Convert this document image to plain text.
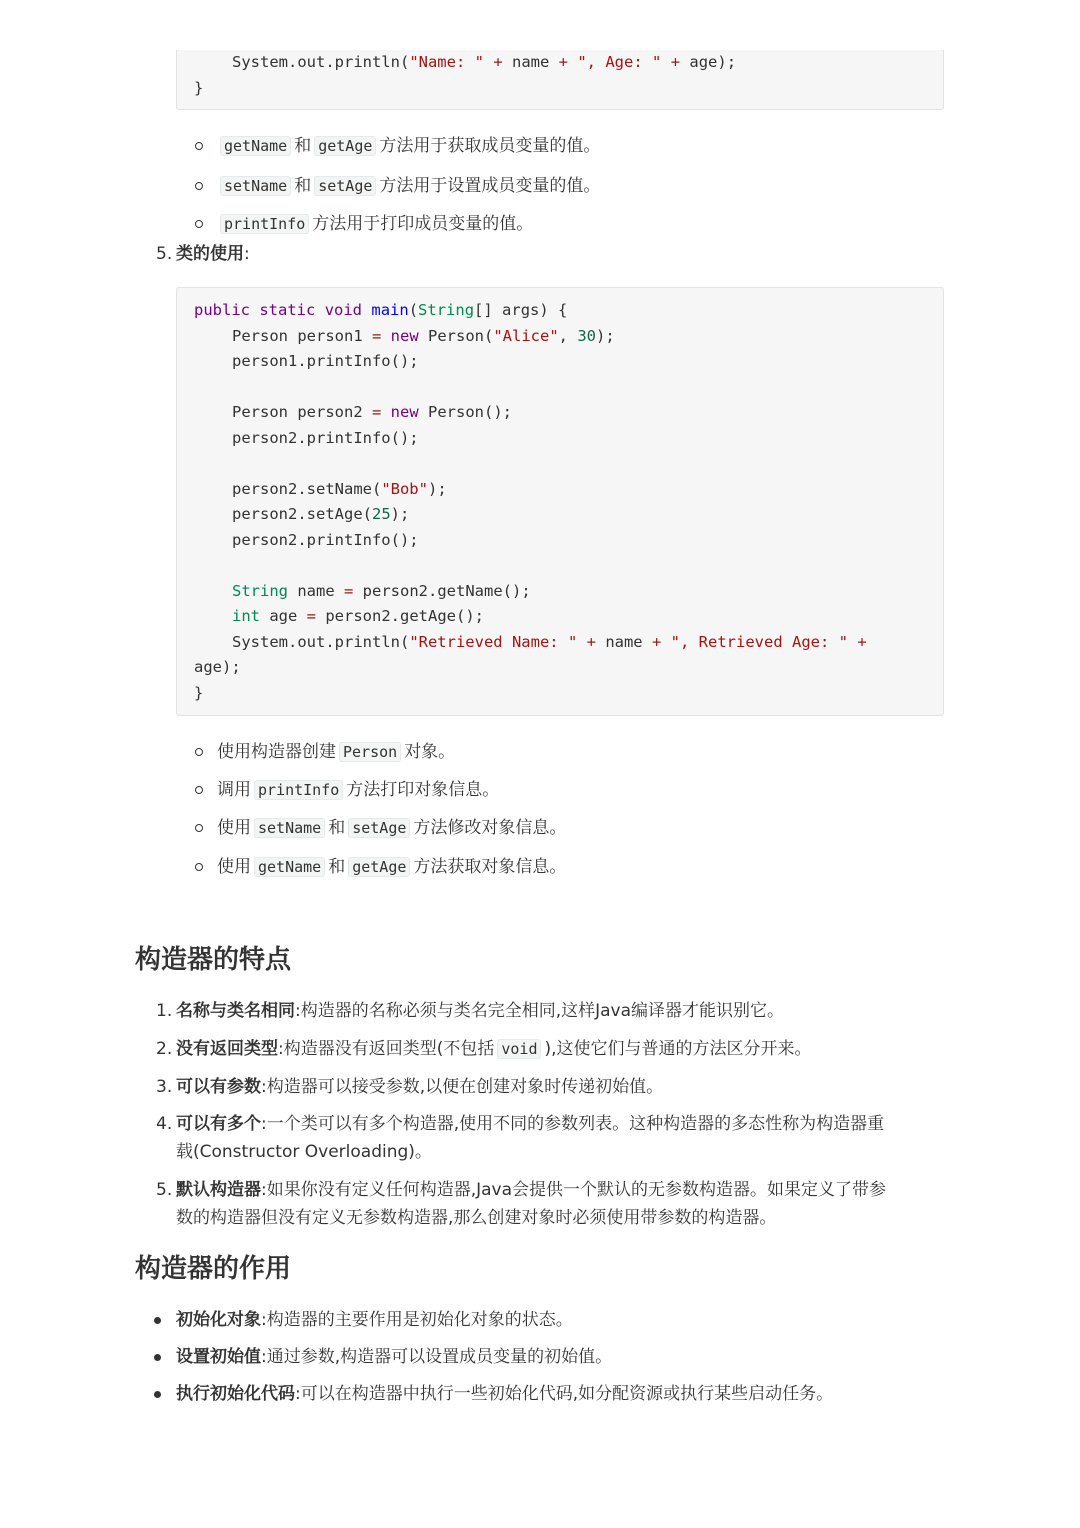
System.out.println("Name: " + name + ", Age: " + age);
}
getName 和 getAge 方法用于获取成员变量的值。
setName 和 setAge 方法用于设置成员变量的值。
printInfo 方法用于打印成员变量的值。
5. 类的使用:
public static void main(String[] args) {
Person person1 = new Person("Alice", 30);
person1.printInfo();
Person person2 = new Person();
person2.printInfo();
person2.setName("Bob");
person2.setAge(25);
person2.printInfo();
String name = person2.getName();
int age = person2.getAge();
System.out.println("Retrieved Name: " + name + ", Retrieved Age: " +
age);
}
使用构造器创建 Person 对象。
调用 printInfo 方法打印对象信息。
使用 setName 和 setAge 方法修改对象信息。
使用 getName 和 getAge 方法获取对象信息。
构造器的特点
1. 名称与类名相同:构造器的名称必须与类名完全相同,这样Java编译器才能识别它。
2. 没有返回类型:构造器没有返回类型(不包括 void ),这使它们与普通的方法区分开来。
3. 可以有参数:构造器可以接受参数,以便在创建对象时传递初始值。
4. 可以有多个:一个类可以有多个构造器,使用不同的参数列表。这种构造器的多态性称为构造器重
载(Constructor Overloading)。
5. 默认构造器:如果你没有定义任何构造器,Java会提供一个默认的无参数构造器。如果定义了带参
数的构造器但没有定义无参数构造器,那么创建对象时必须使用带参数的构造器。
构造器的作用
初始化对象:构造器的主要作用是初始化对象的状态。
设置初始值:通过参数,构造器可以设置成员变量的初始值。
执行初始化代码:可以在构造器中执行一些初始化代码,如分配资源或执行某些启动任务。
